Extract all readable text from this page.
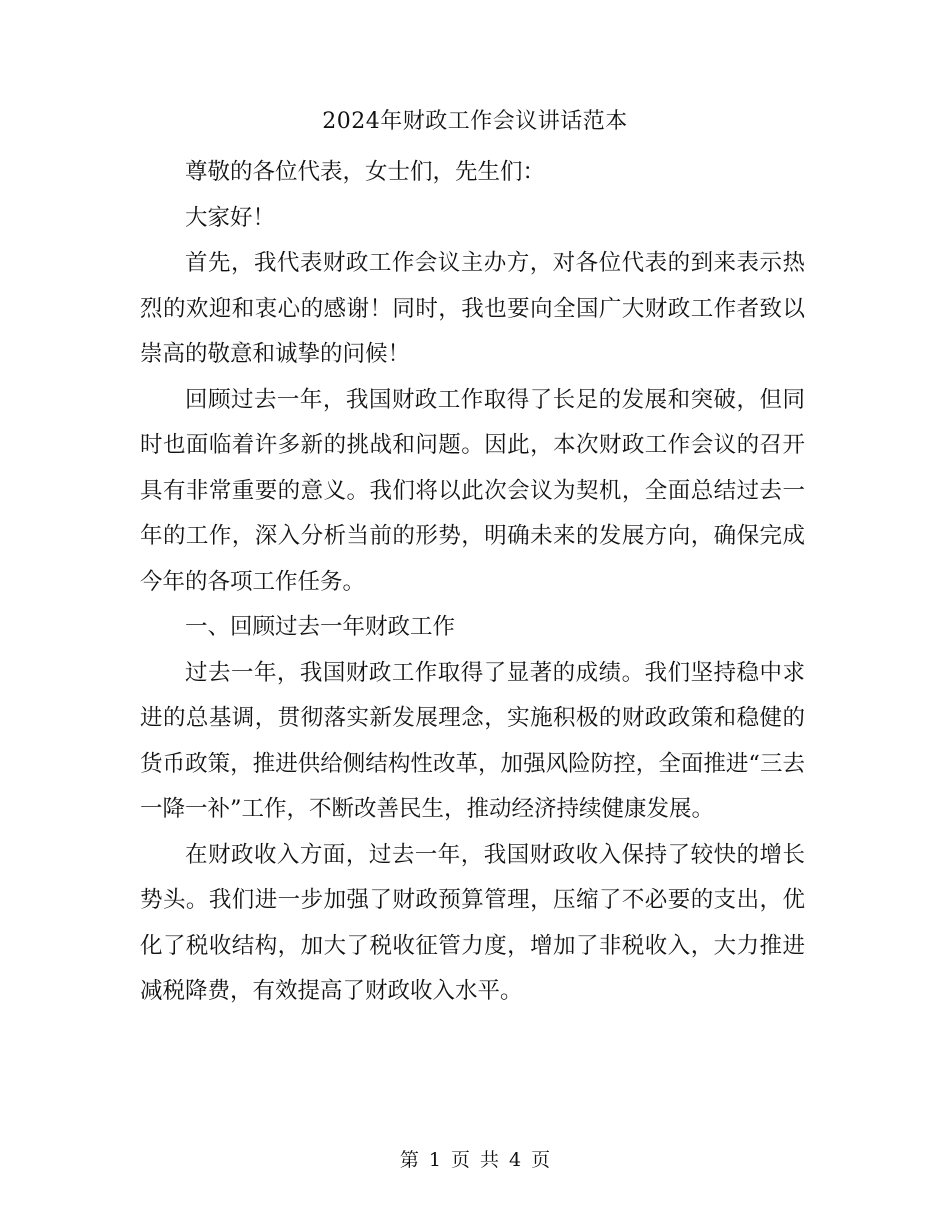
2024年财政工作会议讲话范本

尊敬的各位代表，女士们，先生们：

大家好！

首先，我代表财政工作会议主办方，对各位代表的到来表示热烈的欢迎和衷心的感谢！同时，我也要向全国广大财政工作者致以崇高的敬意和诚挚的问候！

回顾过去一年，我国财政工作取得了长足的发展和突破，但同时也面临着许多新的挑战和问题。因此，本次财政工作会议的召开具有非常重要的意义。我们将以此次会议为契机，全面总结过去一年的工作，深入分析当前的形势，明确未来的发展方向，确保完成今年的各项工作任务。

一、回顾过去一年财政工作

过去一年，我国财政工作取得了显著的成绩。我们坚持稳中求进的总基调，贯彻落实新发展理念，实施积极的财政政策和稳健的货币政策，推进供给侧结构性改革，加强风险防控，全面推进“三去一降一补”工作，不断改善民生，推动经济持续健康发展。

在财政收入方面，过去一年，我国财政收入保持了较快的增长势头。我们进一步加强了财政预算管理，压缩了不必要的支出，优化了税收结构，加大了税收征管力度，增加了非税收入，大力推进减税降费，有效提高了财政收入水平。

第 1 页 共 4 页
